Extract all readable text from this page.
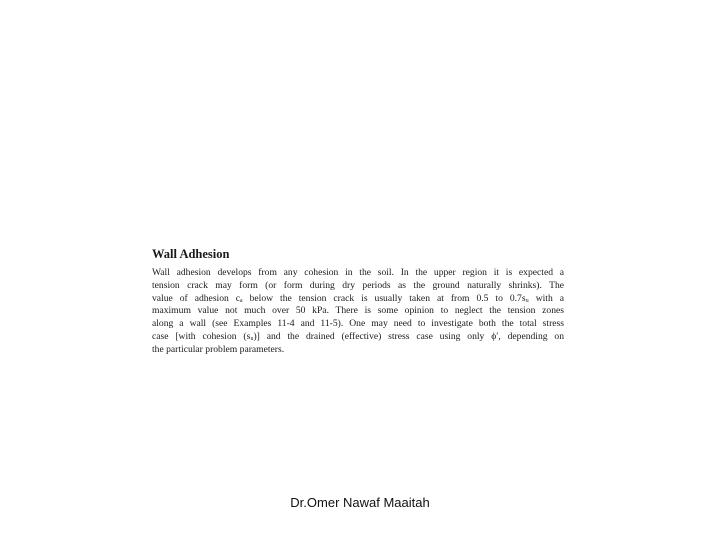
Wall Adhesion
Wall adhesion develops from any cohesion in the soil. In the upper region it is expected a
tension crack may form (or form during dry periods as the ground naturally shrinks). The
value of adhesion cₐ below the tension crack is usually taken at from 0.5 to 0.7sᵤ with a
maximum value not much over 50 kPa. There is some opinion to neglect the tension zones
along a wall (see Examples 11-4 and 11-5). One may need to investigate both the total stress
case [with cohesion (sᵤ)] and the drained (effective) stress case using only ϕ′, depending on
the particular problem parameters.
Dr.Omer Nawaf Maaitah
